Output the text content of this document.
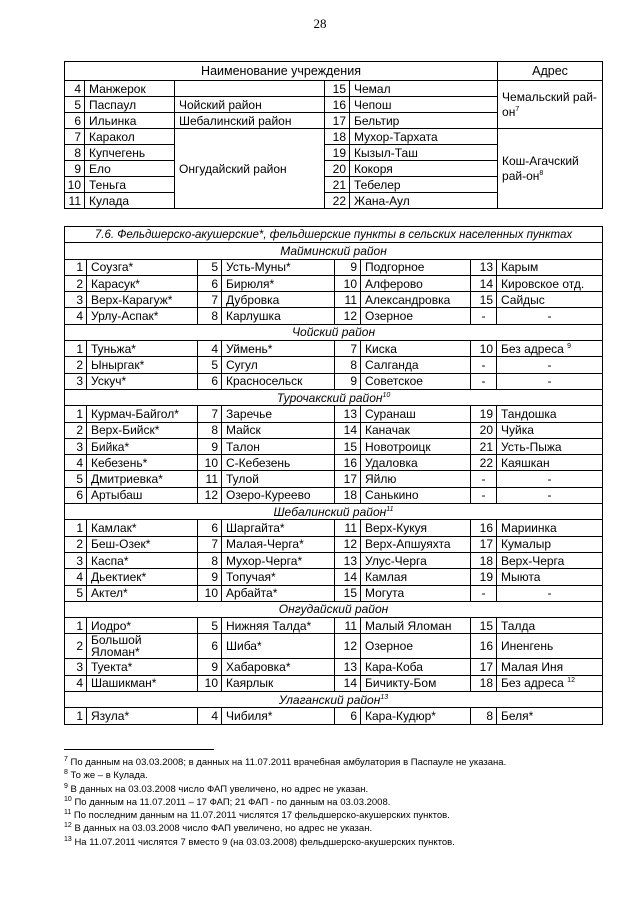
28
Наименование учреждения					Адрес
4	Манжерок		15	Чемал	Чемальский рай-$он^7$
5	Паспаул	Чойский район	16	Чепош	
6	Ильинка	Шебалинский район	17	Бельтир	
7	Каракол	Онгудайский район	18	Мухор-Тархата	Кош-Агачский рай-$он^8$
8	Купчегень		19	Кызыл-Таш	
9	Ело		20	Кокоря	
10	Теньга		21	Тебелер	
11	Кулада		22	Жана-Аул	
7.6. Фельдшерско-акушерские*, фельдшерские пункты в сельских населенных пунктах							
Майминский район							
1	Соузга*	5	Усть-Муны*	9	Подгорное	13	Карым
2	Карасук*	6	Бирюля*	10	Алферово	14	Кировское отд.
3	Верх-Карагуж*	7	Дубровка	11	Александровка	15	Сайдыс
4	Урлу-Аспак*	8	Карлушка	12	Озерное	-	-
Чойский район							
1	Туньжа*	4	Уймень*	7	Киска	10	Без адреса $^9$
2	Ыныргак*	5	Сугул	8	Салганда	-	-
3	Ускуч*	6	Красносельск	9	Советское	-	-
Турочакский район$^{10}$
1	Курмач-Байгол*	7	Заречье	13	Суранаш	19	Тандошка
2	Верх-Бийск*	8	Майск	14	Каначак	20	Чуйка
3	Бийка*	9	Талон	15	Новотроицк	21	Усть-Пыжа
4	Кебезень*	10	С-Кебезень	16	Удаловка	22	Каяшкан
5	Дмитриевка*	11	Тулой	17	Яйлю	-	-
6	Артыбаш	12	Озеро-Куреево	18	Санькино	-	-
Шебалинский район$^{11}$
1	Камлак*	6	Шаргайта*	11	Верх-Кукуя	16	Мариинка
2	Беш-Озек*	7	Малая-Черга*	12	Верх-Апшуяхта	17	Кумалыр
3	Каспа*	8	Мухор-Черга*	13	Улус-Черга	18	Верх-Черга
4	Дьектиек*	9	Топучая*	14	Камлая	19	Мыюта
5	Актел*	10	Арбайта*	15	Могута	-	-
Онгудайский район							
1	Иодро*	5	Нижняя Талда*	11	Малый Яломан	15	Талда
2	Большой Яломан*	6	Шиба*	12	Озерное	16	Иненгень
3	Туекта*	9	Хабаровка*	13	Кара-Коба	17	Малая Иня
4	Шашикман*	10	Каярлык	14	Бичикту-Бом	18	Без адреса $^{12}$
Улаганский район$^{13}$
1	Язула*	4	Чибиля*	6	Кара-Кудюр*	8	Беля*
$^7$ По данным на 03.03.2008; в данных на 11.07.2011 врачебная амбулатория в Паспауле не указана.
$^8$ То же – в Кулада.
$^9$ В данных на 03.03.2008 число ФАП увеличено, но адрес не указан.
$^{10}$ По данным на 11.07.2011 – 17 ФАП; 21 ФАП - по данным на 03.03.2008.
$^{11}$ По последним данным на 11.07.2011 числятся 17 фельдшерско-акушерских пунктов.
$^{12}$ В данных на 03.03.2008 число ФАП увеличено, но адрес не указан.
$^{13}$ На 11.07.2011 числятся 7 вместо 9 (на 03.03.2008) фельдшерско-акушерских пунктов.
